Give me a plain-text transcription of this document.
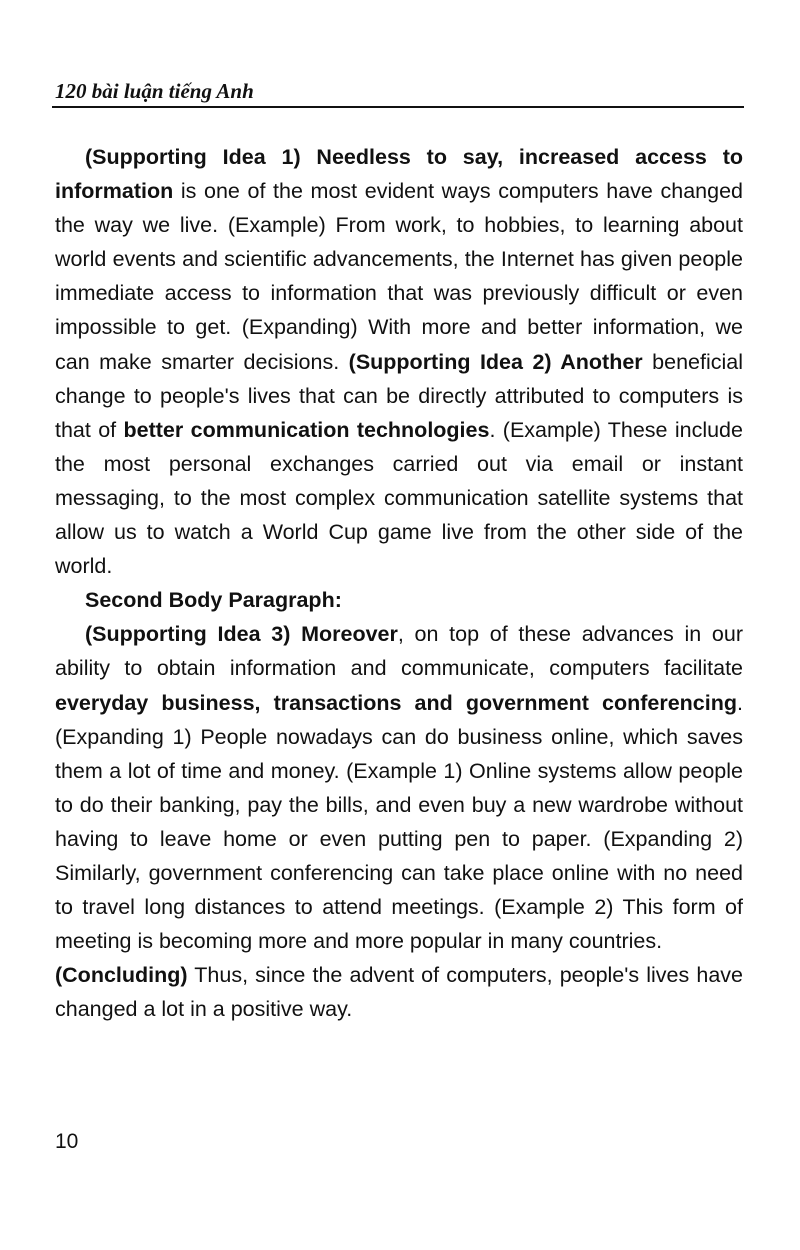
120 bài luận tiếng Anh

(Supporting Idea 1) Needless to say, increased access to information is one of the most evident ways computers have changed the way we live. (Example) From work, to hobbies, to learning about world events and scientific advancements, the Internet has given people immediate access to information that was previously difficult or even impossible to get. (Expanding) With more and better information, we can make smarter decisions. (Supporting Idea 2) Another beneficial change to people's lives that can be directly attributed to computers is that of better communication technologies. (Example) These include the most personal exchanges carried out via email or instant messaging, to the most complex communication satellite systems that allow us to watch a World Cup game live from the other side of the world.

Second Body Paragraph:

(Supporting Idea 3) Moreover, on top of these advances in our ability to obtain information and communicate, computers facilitate everyday business, transactions and government conferencing. (Expanding 1) People nowadays can do business online, which saves them a lot of time and money. (Example 1) Online systems allow people to do their banking, pay the bills, and even buy a new wardrobe without having to leave home or even putting pen to paper. (Expanding 2) Similarly, government conferencing can take place online with no need to travel long distances to attend meetings. (Example 2) This form of meeting is becoming more and more popular in many countries.

(Concluding) Thus, since the advent of computers, people's lives have changed a lot in a positive way.

10
